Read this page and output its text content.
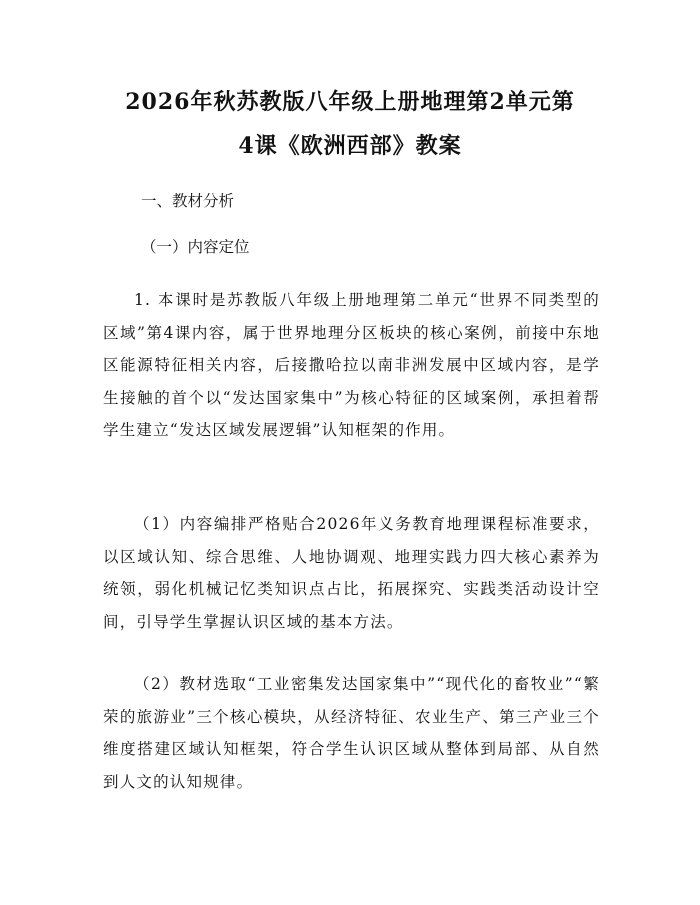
2026年秋苏教版八年级上册地理第2单元第
4课《欧洲西部》教案
一、教材分析
（一）内容定位

1. 本课时是苏教版八年级上册地理第二单元“世界不同类型的区域”第4课内容，属于世界地理分区板块的核心案例，前接中东地区能源特征相关内容，后接撒哈拉以南非洲发展中区域内容，是学生接触的首个以“发达国家集中”为核心特征的区域案例，承担着帮学生建立“发达区域发展逻辑”认知框架的作用。

（1）内容编排严格贴合2026年义务教育地理课程标准要求，以区域认知、综合思维、人地协调观、地理实践力四大核心素养为统领，弱化机械记忆类知识点占比，拓展探究、实践类活动设计空间，引导学生掌握认识区域的基本方法。

（2）教材选取“工业密集发达国家集中”“现代化的畜牧业”“繁荣的旅游业”三个核心模块，从经济特征、农业生产、第三产业三个维度搭建区域认知框架，符合学生认识区域从整体到局部、从自然到人文的认知规律。
